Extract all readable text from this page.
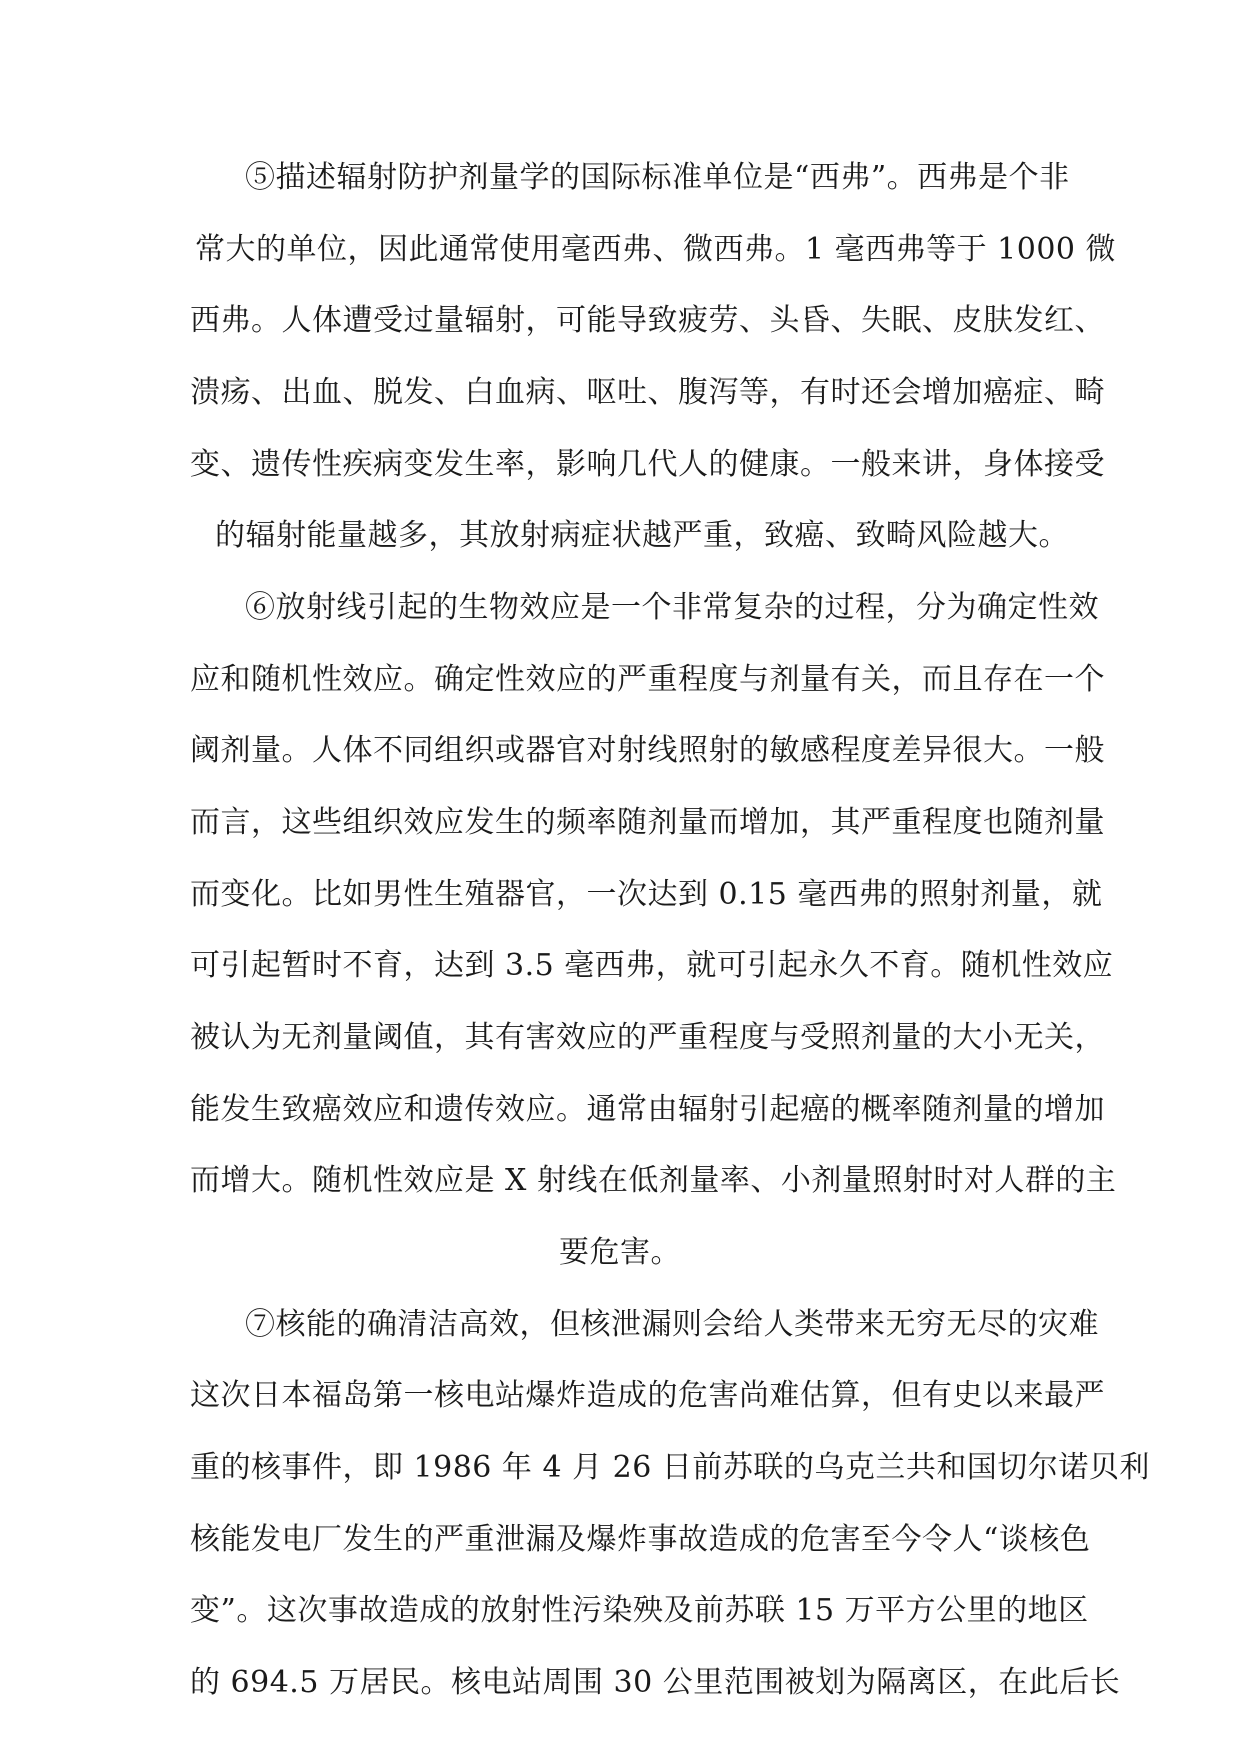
⑤描述辐射防护剂量学的国际标准单位是“西弗”。西弗是个非
常大的单位，因此通常使用毫西弗、微西弗。1 毫西弗等于 1000 微
西弗。人体遭受过量辐射，可能导致疲劳、头昏、失眠、皮肤发红、
溃疡、出血、脱发、白血病、呕吐、腹泻等，有时还会增加癌症、畸
变、遗传性疾病变发生率，影响几代人的健康。一般来讲，身体接受
的辐射能量越多，其放射病症状越严重，致癌、致畸风险越大。
⑥放射线引起的生物效应是一个非常复杂的过程，分为确定性效
应和随机性效应。确定性效应的严重程度与剂量有关，而且存在一个
阈剂量。人体不同组织或器官对射线照射的敏感程度差异很大。一般
而言，这些组织效应发生的频率随剂量而增加，其严重程度也随剂量
而变化。比如男性生殖器官，一次达到 0.15 毫西弗的照射剂量，就
可引起暂时不育，达到 3.5 毫西弗，就可引起永久不育。随机性效应
被认为无剂量阈值，其有害效应的严重程度与受照剂量的大小无关，
能发生致癌效应和遗传效应。通常由辐射引起癌的概率随剂量的增加
而增大。随机性效应是 X 射线在低剂量率、小剂量照射时对人群的主
要危害。
⑦核能的确清洁高效，但核泄漏则会给人类带来无穷无尽的灾难
这次日本福岛第一核电站爆炸造成的危害尚难估算，但有史以来最严
重的核事件，即 1986 年 4 月 26 日前苏联的乌克兰共和国切尔诺贝利
核能发电厂发生的严重泄漏及爆炸事故造成的危害至今令人“谈核色
变”。这次事故造成的放射性污染殃及前苏联 15 万平方公里的地区
的 694.5 万居民。核电站周围 30 公里范围被划为隔离区，在此后长
